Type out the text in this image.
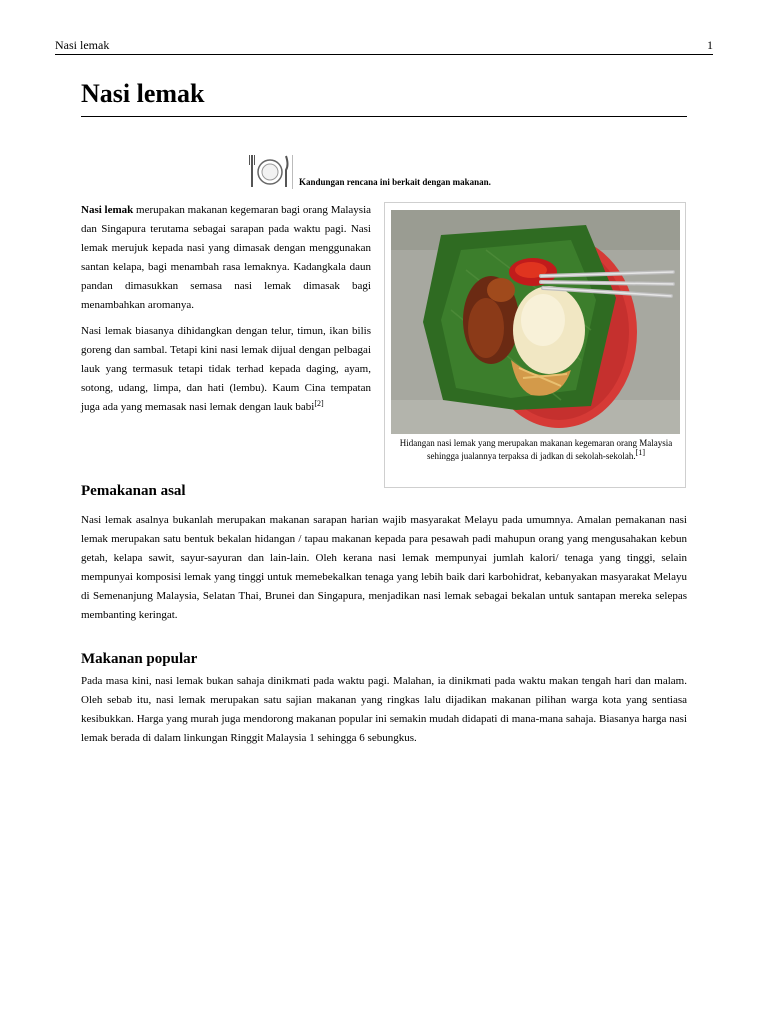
Nasi lemak	1
Nasi lemak
Kandungan rencana ini berkait dengan makanan.

Nasi lemak merupakan makanan kegemaran bagi orang Malaysia dan Singapura terutama sebagai sarapan pada waktu pagi. Nasi lemak merujuk kepada nasi yang dimasak dengan menggunakan santan kelapa, bagi menambah rasa lemaknya. Kadangkala daun pandan dimasukkan semasa nasi lemak dimasak bagi menambahkan aromanya.

Nasi lemak biasanya dihidangkan dengan telur, timun, ikan bilis goreng dan sambal. Tetapi kini nasi lemak dijual dengan pelbagai lauk yang termasuk tetapi tidak terhad kepada daging, ayam, sotong, udang, limpa, dan hati (lembu). Kaum Cina tempatan juga ada yang memasak nasi lemak dengan lauk babi[2]

Hidangan nasi lemak yang merupakan makanan kegemaran orang Malaysia sehingga jualannya terpaksa di jadkan di sekolah-sekolah.[1]
Pemakanan asal

Nasi lemak asalnya bukanlah merupakan makanan sarapan harian wajib masyarakat Melayu pada umumnya. Amalan pemakanan nasi lemak merupakan satu bentuk bekalan hidangan / tapau makanan kepada para pesawah padi mahupun orang yang mengusahakan kebun getah, kelapa sawit, sayur-sayuran dan lain-lain. Oleh kerana nasi lemak mempunyai jumlah kalori/ tenaga yang tinggi, selain mempunyai komposisi lemak yang tinggi untuk memebekalkan tenaga yang lebih baik dari karbohidrat, kebanyakan masyarakat Melayu di Semenanjung Malaysia, Selatan Thai, Brunei dan Singapura, menjadikan nasi lemak sebagai bekalan untuk santapan mereka selepas membanting keringat.

Makanan popular

Pada masa kini, nasi lemak bukan sahaja dinikmati pada waktu pagi. Malahan, ia dinikmati pada waktu makan tengah hari dan malam. Oleh sebab itu, nasi lemak merupakan satu sajian makanan yang ringkas lalu dijadikan makanan pilihan warga kota yang sentiasa kesibukkan. Harga yang murah juga mendorong makanan popular ini semakin mudah didapati di mana-mana sahaja. Biasanya harga nasi lemak berada di dalam linkungan Ringgit Malaysia 1 sehingga 6 sebungkus.
